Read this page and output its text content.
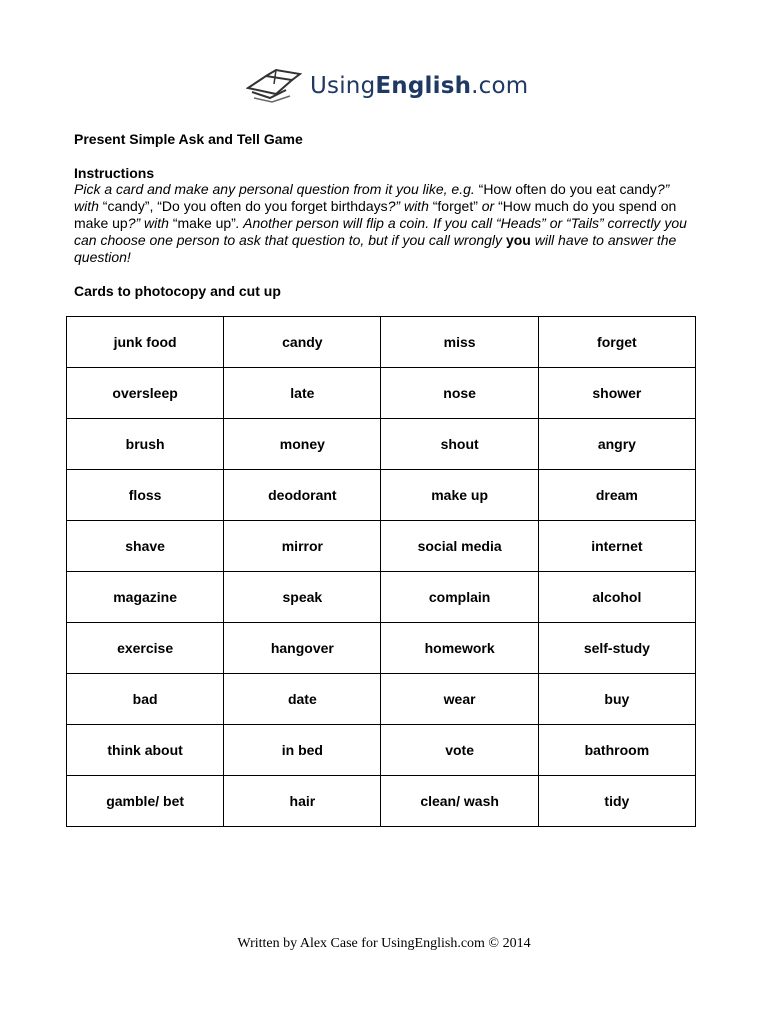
UsingEnglish.com
Present Simple Ask and Tell Game
Instructions
Pick a card and make any personal question from it you like, e.g. “How often do you eat candy?” with “candy”, “Do you often do you forget birthdays?” with “forget” or “How much do you spend on make up?” with “make up”. Another person will flip a coin. If you call “Heads” or “Tails” correctly you can choose one person to ask that question to, but if you call wrongly you will have to answer the question!
Cards to photocopy and cut up
junk food	candy	miss	forget
oversleep	late	nose	shower
brush	money	shout	angry
floss	deodorant	make up	dream
shave	mirror	social media	internet
magazine	speak	complain	alcohol
exercise	hangover	homework	self-study
bad	date	wear	buy
think about	in bed	vote	bathroom
gamble/ bet	hair	clean/ wash	tidy
Written by Alex Case for UsingEnglish.com © 2014
